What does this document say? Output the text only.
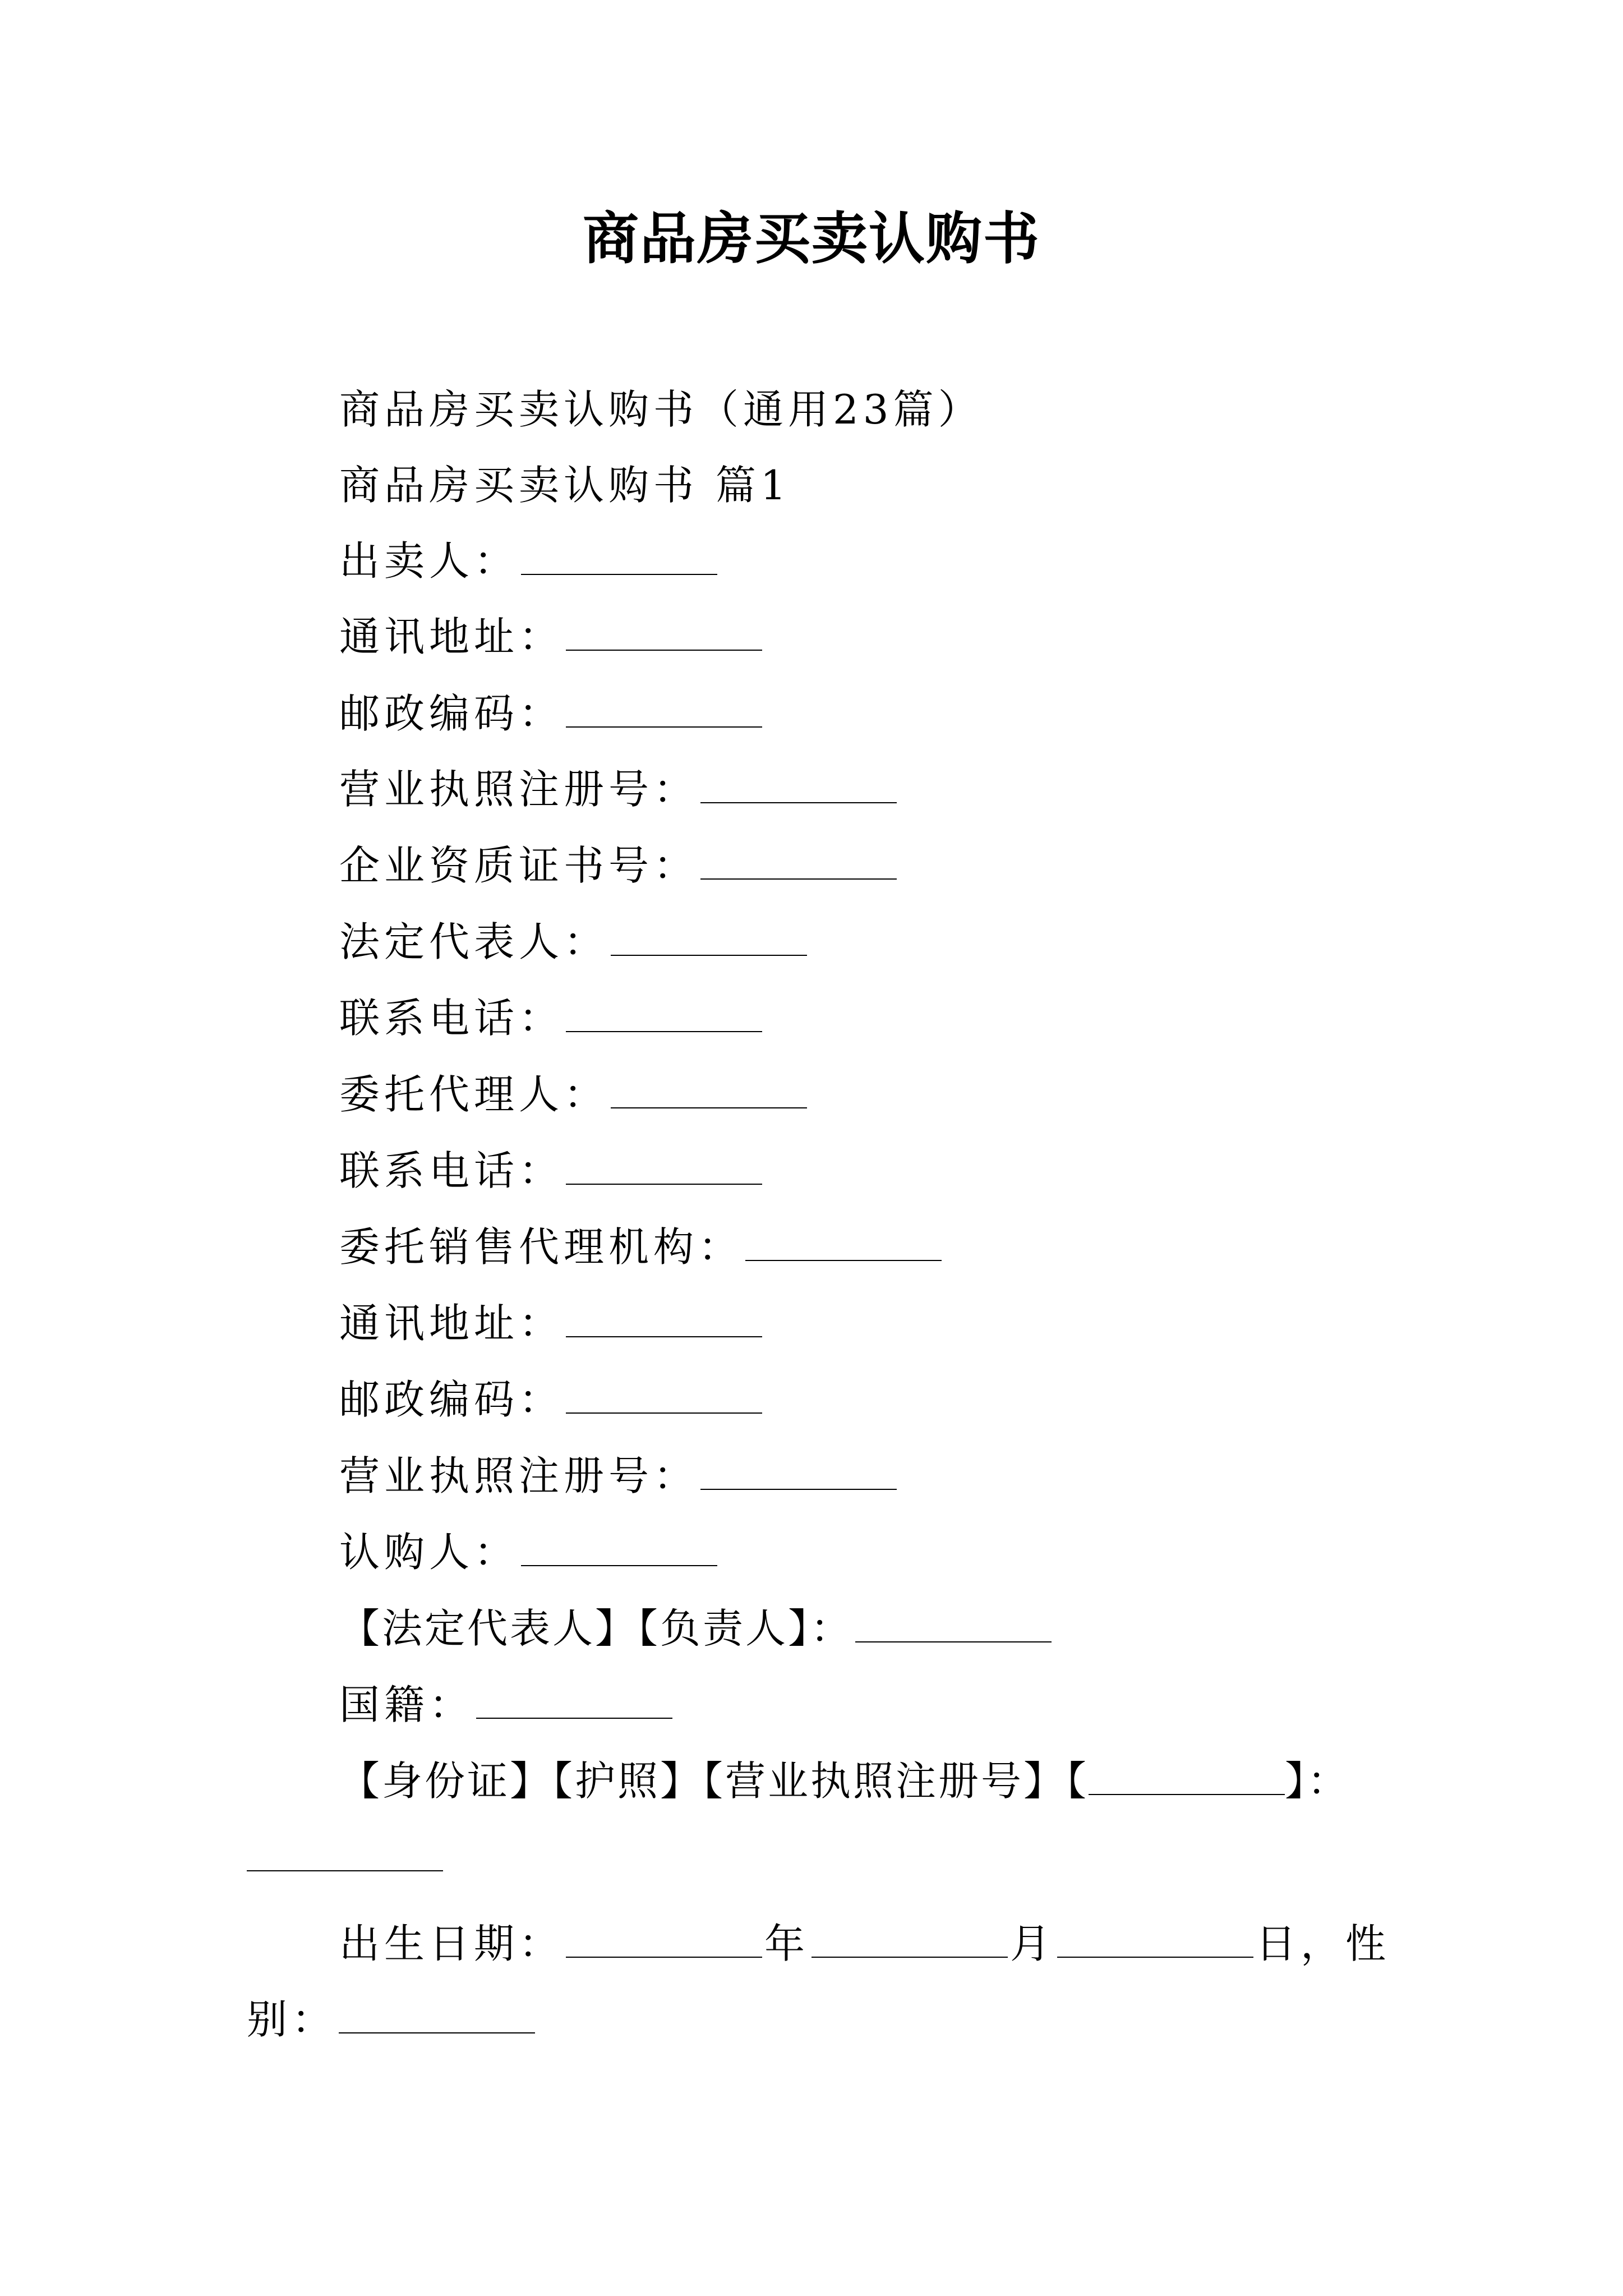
商品房买卖认购书
商品房买卖认购书（通用23篇）
商品房买卖认购书 篇1
出卖人：
通讯地址：
邮政编码：
营业执照注册号：
企业资质证书号：
法定代表人：
联系电话：
委托代理人：
联系电话：
委托销售代理机构：
通讯地址：
邮政编码：
营业执照注册号：
认购人：
【法定代表人】【负责人】：
国籍：
【身份证】【护照】【营业执照注册号】【	】：
出生日期：	年	月	日，性
别：
